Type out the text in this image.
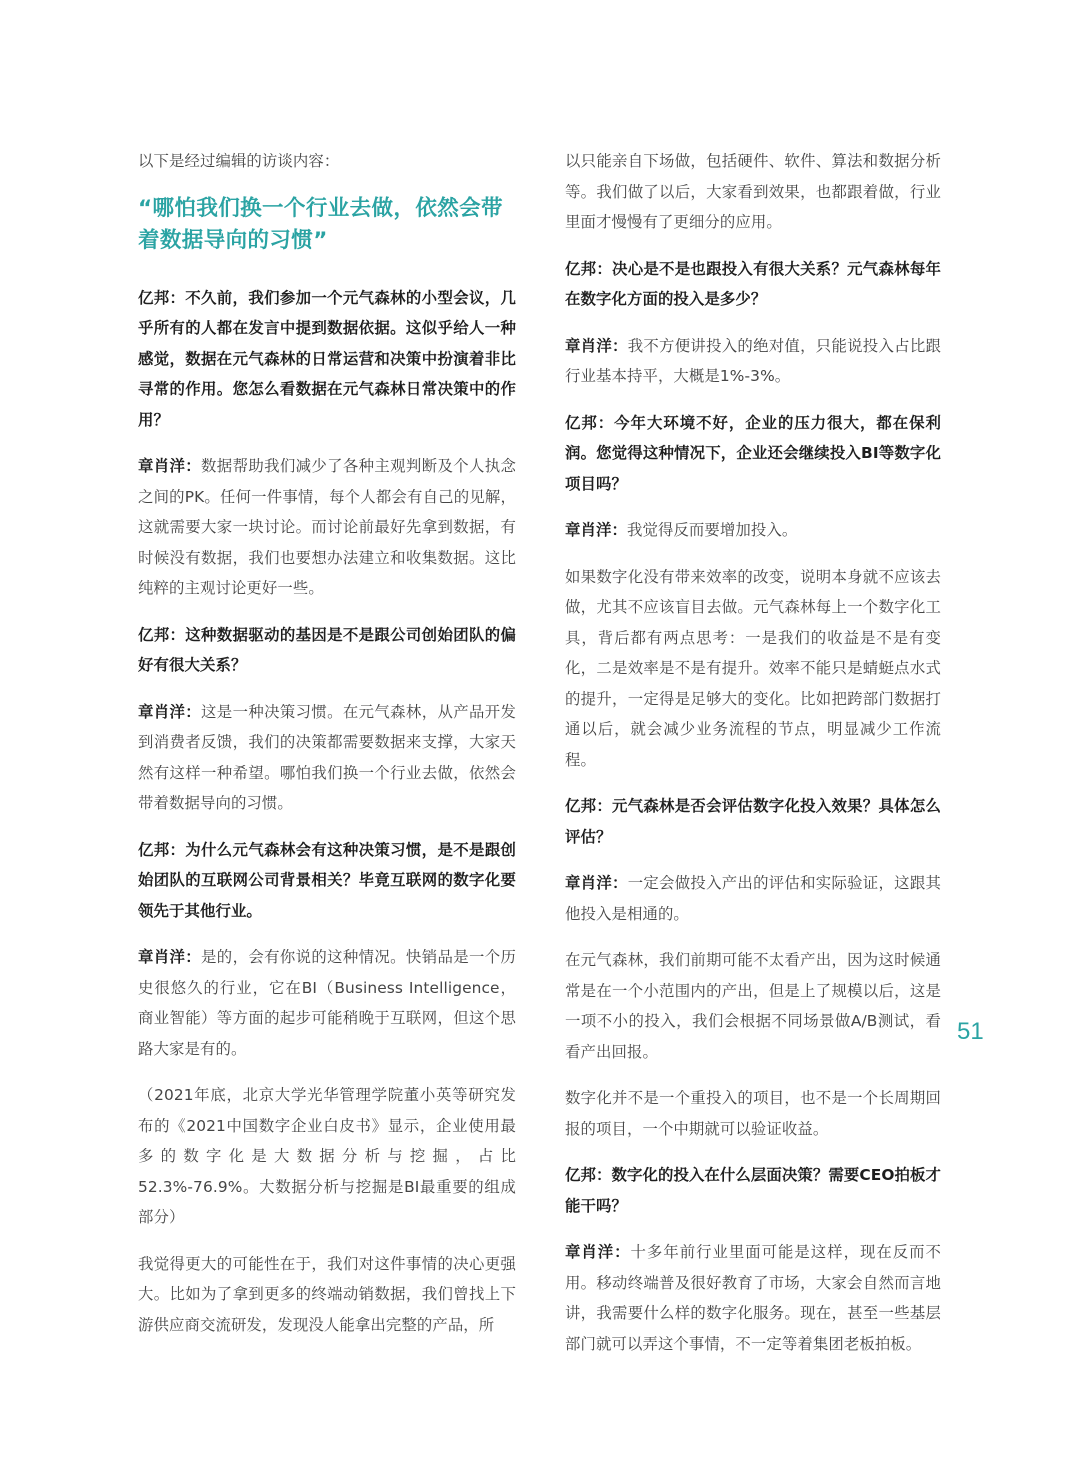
以下是经过编辑的访谈内容：

“哪怕我们换一个行业去做，依然会带着数据导向的习惯”

亿邦：不久前，我们参加一个元气森林的小型会议，几乎所有的人都在发言中提到数据依据。这似乎给人一种感觉，数据在元气森林的日常运营和决策中扮演着非比寻常的作用。您怎么看数据在元气森林日常决策中的作用？

章肖洋：数据帮助我们减少了各种主观判断及个人执念之间的PK。任何一件事情，每个人都会有自己的见解，这就需要大家一块讨论。而讨论前最好先拿到数据，有时候没有数据，我们也要想办法建立和收集数据。这比纯粹的主观讨论更好一些。

亿邦：这种数据驱动的基因是不是跟公司创始团队的偏好有很大关系？

章肖洋：这是一种决策习惯。在元气森林，从产品开发到消费者反馈，我们的决策都需要数据来支撑，大家天然有这样一种希望。哪怕我们换一个行业去做，依然会带着数据导向的习惯。

亿邦：为什么元气森林会有这种决策习惯，是不是跟创始团队的互联网公司背景相关？毕竟互联网的数字化要领先于其他行业。

章肖洋：是的，会有你说的这种情况。快销品是一个历史很悠久的行业，它在BI（Business Intelligence，商业智能）等方面的起步可能稍晚于互联网，但这个思路大家是有的。

（2021年底，北京大学光华管理学院董小英等研究发布的《2021中国数字企业白皮书》显示，企业使用最多的数字化是大数据分析与挖掘，占比52.3%-76.9%。大数据分析与挖掘是BI最重要的组成部分）

我觉得更大的可能性在于，我们对这件事情的决心更强大。比如为了拿到更多的终端动销数据，我们曾找上下游供应商交流研发，发现没人能拿出完整的产品，所

以只能亲自下场做，包括硬件、软件、算法和数据分析等。我们做了以后，大家看到效果，也都跟着做，行业里面才慢慢有了更细分的应用。

亿邦：决心是不是也跟投入有很大关系？元气森林每年在数字化方面的投入是多少？

章肖洋：我不方便讲投入的绝对值，只能说投入占比跟行业基本持平，大概是1%-3%。

亿邦：今年大环境不好，企业的压力很大，都在保利润。您觉得这种情况下，企业还会继续投入BI等数字化项目吗？

章肖洋：我觉得反而要增加投入。

如果数字化没有带来效率的改变，说明本身就不应该去做，尤其不应该盲目去做。元气森林每上一个数字化工具，背后都有两点思考：一是我们的收益是不是有变化，二是效率是不是有提升。效率不能只是蜻蜓点水式的提升，一定得是足够大的变化。比如把跨部门数据打通以后，就会减少业务流程的节点，明显减少工作流程。

亿邦：元气森林是否会评估数字化投入效果？具体怎么评估？

章肖洋：一定会做投入产出的评估和实际验证，这跟其他投入是相通的。

在元气森林，我们前期可能不太看产出，因为这时候通常是在一个小范围内的产出，但是上了规模以后，这是一项不小的投入，我们会根据不同场景做A/B测试，看看产出回报。

数字化并不是一个重投入的项目，也不是一个长周期回报的项目，一个中期就可以验证收益。

亿邦：数字化的投入在什么层面决策？需要CEO拍板才能干吗？

章肖洋：十多年前行业里面可能是这样，现在反而不用。移动终端普及很好教育了市场，大家会自然而言地讲，我需要什么样的数字化服务。现在，甚至一些基层部门就可以弄这个事情，不一定等着集团老板拍板。

51
